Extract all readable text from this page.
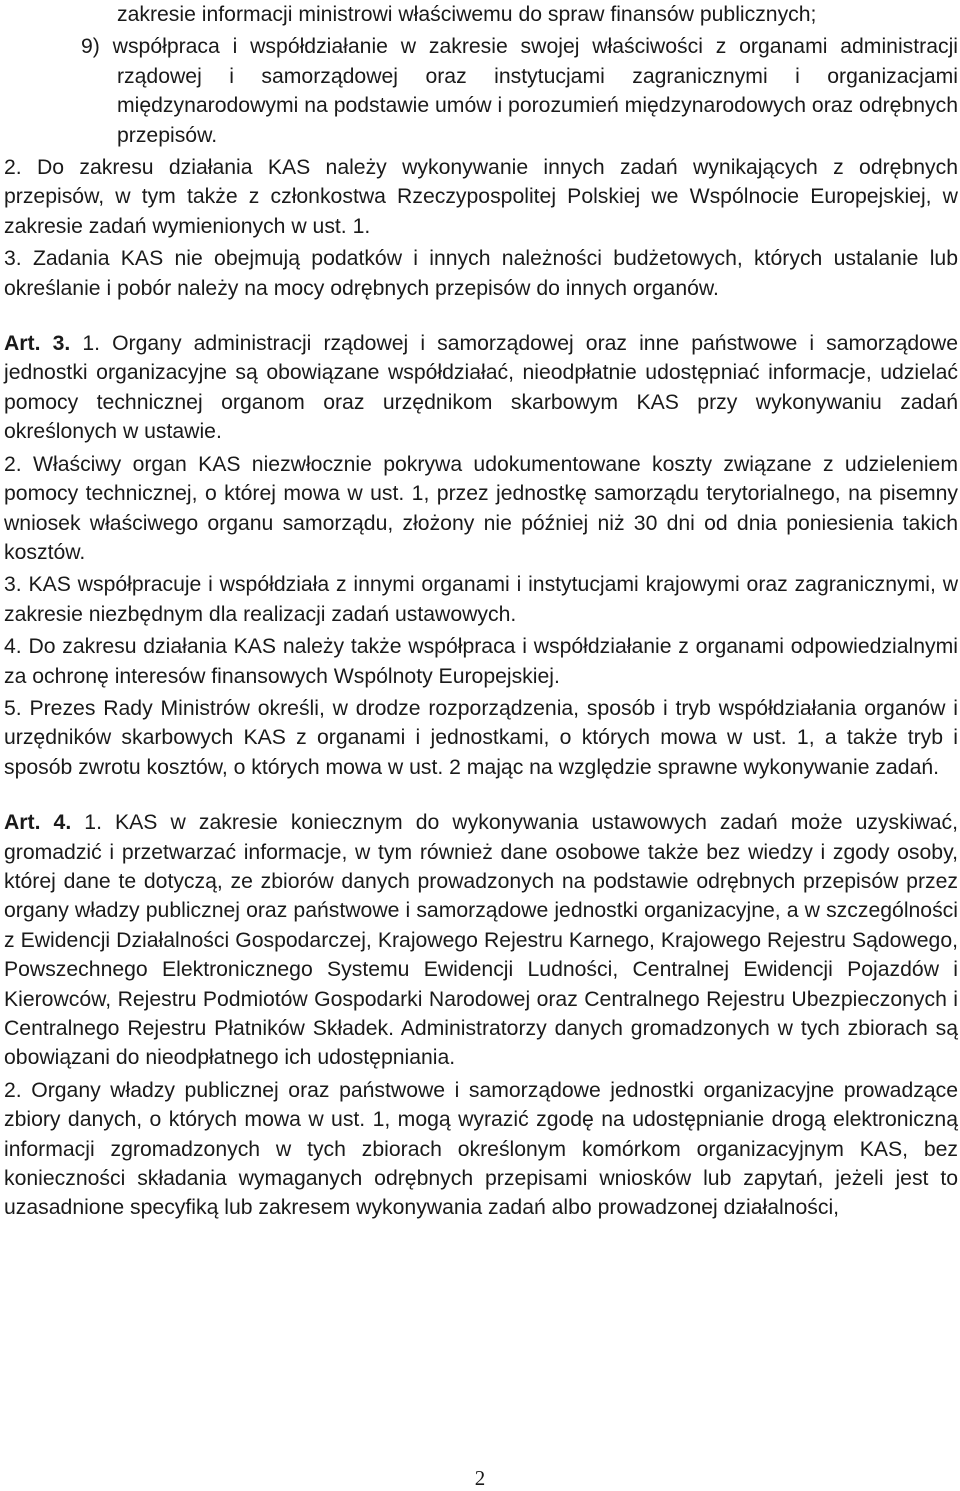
zakresie informacji ministrowi właściwemu do spraw finansów publicznych;

9) współpraca i współdziałanie w zakresie swojej właściwości z organami administracji rządowej i samorządowej oraz instytucjami zagranicznymi i organizacjami międzynarodowymi na podstawie umów i porozumień międzynarodowych oraz odrębnych przepisów.

2. Do zakresu działania KAS należy wykonywanie innych zadań wynikających z odrębnych przepisów, w tym także z członkostwa Rzeczypospolitej Polskiej we Wspólnocie Europejskiej, w zakresie zadań wymienionych w ust. 1.

3. Zadania KAS nie obejmują podatków i innych należności budżetowych, których ustalanie lub określanie i pobór należy na mocy odrębnych przepisów do innych organów.

Art. 3. 1. Organy administracji rządowej i samorządowej oraz inne państwowe i samorządowe jednostki organizacyjne są obowiązane współdziałać, nieodpłatnie udostępniać informacje, udzielać pomocy technicznej organom oraz urzędnikom skarbowym KAS przy wykonywaniu zadań określonych w ustawie.

2. Właściwy organ KAS niezwłocznie pokrywa udokumentowane koszty związane z udzieleniem pomocy technicznej, o której mowa w ust. 1, przez jednostkę samorządu terytorialnego, na pisemny wniosek właściwego organu samorządu, złożony nie później niż 30 dni od dnia poniesienia takich kosztów.

3. KAS współpracuje i współdziała z innymi organami i instytucjami krajowymi oraz zagranicznymi, w zakresie niezbędnym dla realizacji zadań ustawowych.

4. Do zakresu działania KAS należy także współpraca i współdziałanie z organami odpowiedzialnymi za ochronę interesów finansowych Wspólnoty Europejskiej.

5. Prezes Rady Ministrów określi, w drodze rozporządzenia, sposób i tryb współdziałania organów i urzędników skarbowych KAS z organami i jednostkami, o których mowa w ust. 1, a także tryb i sposób zwrotu kosztów, o których mowa w ust. 2 mając na względzie sprawne wykonywanie zadań.

Art. 4. 1. KAS w zakresie koniecznym do wykonywania ustawowych zadań może uzyskiwać, gromadzić i przetwarzać informacje, w tym również dane osobowe także bez wiedzy i zgody osoby, której dane te dotyczą, ze zbiorów danych prowadzonych na podstawie odrębnych przepisów przez organy władzy publicznej oraz państwowe i samorządowe jednostki organizacyjne, a w szczególności z Ewidencji Działalności Gospodarczej, Krajowego Rejestru Karnego, Krajowego Rejestru Sądowego, Powszechnego Elektronicznego Systemu Ewidencji Ludności, Centralnej Ewidencji Pojazdów i Kierowców, Rejestru Podmiotów Gospodarki Narodowej oraz Centralnego Rejestru Ubezpieczonych i Centralnego Rejestru Płatników Składek. Administratorzy danych gromadzonych w tych zbiorach są obowiązani do nieodpłatnego ich udostępniania.

2. Organy władzy publicznej oraz państwowe i samorządowe jednostki organizacyjne prowadzące zbiory danych, o których mowa w ust. 1, mogą wyrazić zgodę na udostępnianie drogą elektroniczną informacji zgromadzonych w tych zbiorach określonym komórkom organizacyjnym KAS, bez konieczności składania wymaganych odrębnych przepisami wniosków lub zapytań, jeżeli jest to uzasadnione specyfiką lub zakresem wykonywania zadań albo prowadzonej działalności,

2
